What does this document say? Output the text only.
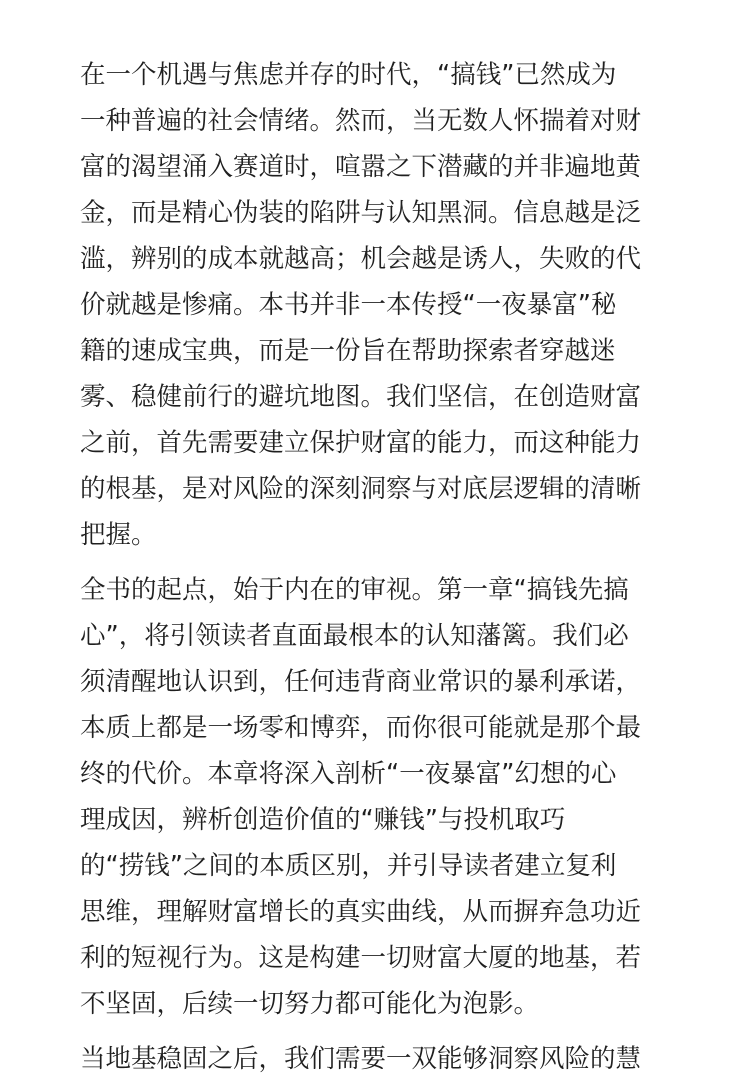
在一个机遇与焦虑并存的时代，“搞钱”已然成为
一种普遍的社会情绪。然而，当无数人怀揣着对财
富的渴望涌入赛道时，喧嚣之下潜藏的并非遍地黄
金，而是精心伪装的陷阱与认知黑洞。信息越是泛
滥，辨别的成本就越高；机会越是诱人，失败的代
价就越是惨痛。本书并非一本传授“一夜暴富”秘
籍的速成宝典，而是一份旨在帮助探索者穿越迷
雾、稳健前行的避坑地图。我们坚信，在创造财富
之前，首先需要建立保护财富的能力，而这种能力
的根基，是对风险的深刻洞察与对底层逻辑的清晰
把握。

全书的起点，始于内在的审视。第一章“搞钱先搞
心”，将引领读者直面最根本的认知藩篱。我们必
须清醒地认识到，任何违背商业常识的暴利承诺，
本质上都是一场零和博弈，而你很可能就是那个最
终的代价。本章将深入剖析“一夜暴富”幻想的心
理成因，辨析创造价值的“赚钱”与投机取巧
的“捞钱”之间的本质区别，并引导读者建立复利
思维，理解财富增长的真实曲线，从而摒弃急功近
利的短视行为。这是构建一切财富大厦的地基，若
不坚固，后续一切努力都可能化为泡影。

当地基稳固之后，我们需要一双能够洞察风险的慧
